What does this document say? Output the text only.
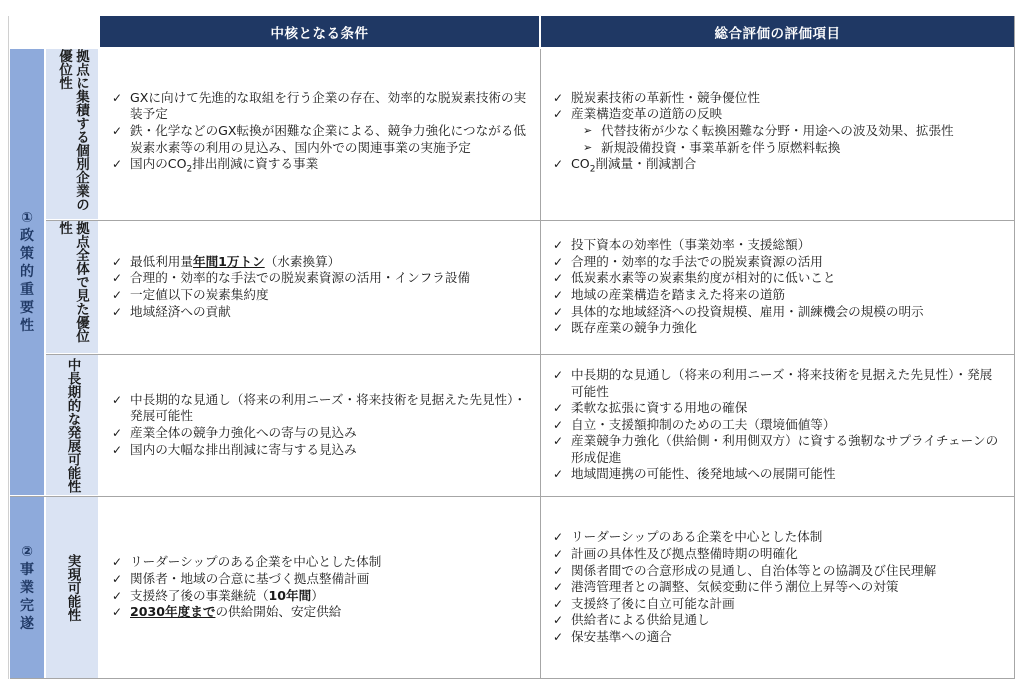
中核となる条件	総合評価の評価項目
①政策的重要性
②事業完遂
拠点に集積する個別企業の優位性
拠点全体で見た優位性
中長期的な発展可能性
実現可能性
✓ GXに向けて先進的な取組を行う企業の存在、効率的な脱炭素技術の実装予定
✓ 鉄・化学などのGX転換が困難な企業による、競争力強化につながる低炭素水素等の利用の見込み、国内外での関連事業の実施予定
✓ 国内の$CO_2$排出削減に資する事業
✓ 脱炭素技術の革新性・競争優位性
✓ 産業構造変革の道筋の反映
➢ 代替技術が少なく転換困難な分野・用途への波及効果、拡張性
➢ 新規設備投資・事業革新を伴う原燃料転換
✓ $CO_2$削減量・削減割合
✓ 最低利用量年間1万トン（水素換算）
✓ 合理的・効率的な手法での脱炭素資源の活用・インフラ設備
✓ 一定値以下の炭素集約度
✓ 地域経済への貢献
✓ 投下資本の効率性（事業効率・支援総額）
✓ 合理的・効率的な手法での脱炭素資源の活用
✓ 低炭素水素等の炭素集約度が相対的に低いこと
✓ 地域の産業構造を踏まえた将来の道筋
✓ 具体的な地域経済への投資規模、雇用・訓練機会の規模の明示
✓ 既存産業の競争力強化
✓ 中長期的な見通し（将来の利用ニーズ・将来技術を見据えた先見性）・発展可能性
✓ 産業全体の競争力強化への寄与の見込み
✓ 国内の大幅な排出削減に寄与する見込み
✓ 中長期的な見通し（将来の利用ニーズ・将来技術を見据えた先見性）・発展可能性
✓ 柔軟な拡張に資する用地の確保
✓ 自立・支援額抑制のための工夫（環境価値等）
✓ 産業競争力強化（供給側・利用側双方）に資する強靭なサプライチェーンの形成促進
✓ 地域間連携の可能性、後発地域への展開可能性
✓ リーダーシップのある企業を中心とした体制
✓ 関係者・地域の合意に基づく拠点整備計画
✓ 支援終了後の事業継続（10年間）
✓ 2030年度までの供給開始、安定供給
✓ リーダーシップのある企業を中心とした体制
✓ 計画の具体性及び拠点整備時期の明確化
✓ 関係者間での合意形成の見通し、自治体等との協調及び住民理解
✓ 港湾管理者との調整、気候変動に伴う潮位上昇等への対策
✓ 支援終了後に自立可能な計画
✓ 供給者による供給見通し
✓ 保安基準への適合
